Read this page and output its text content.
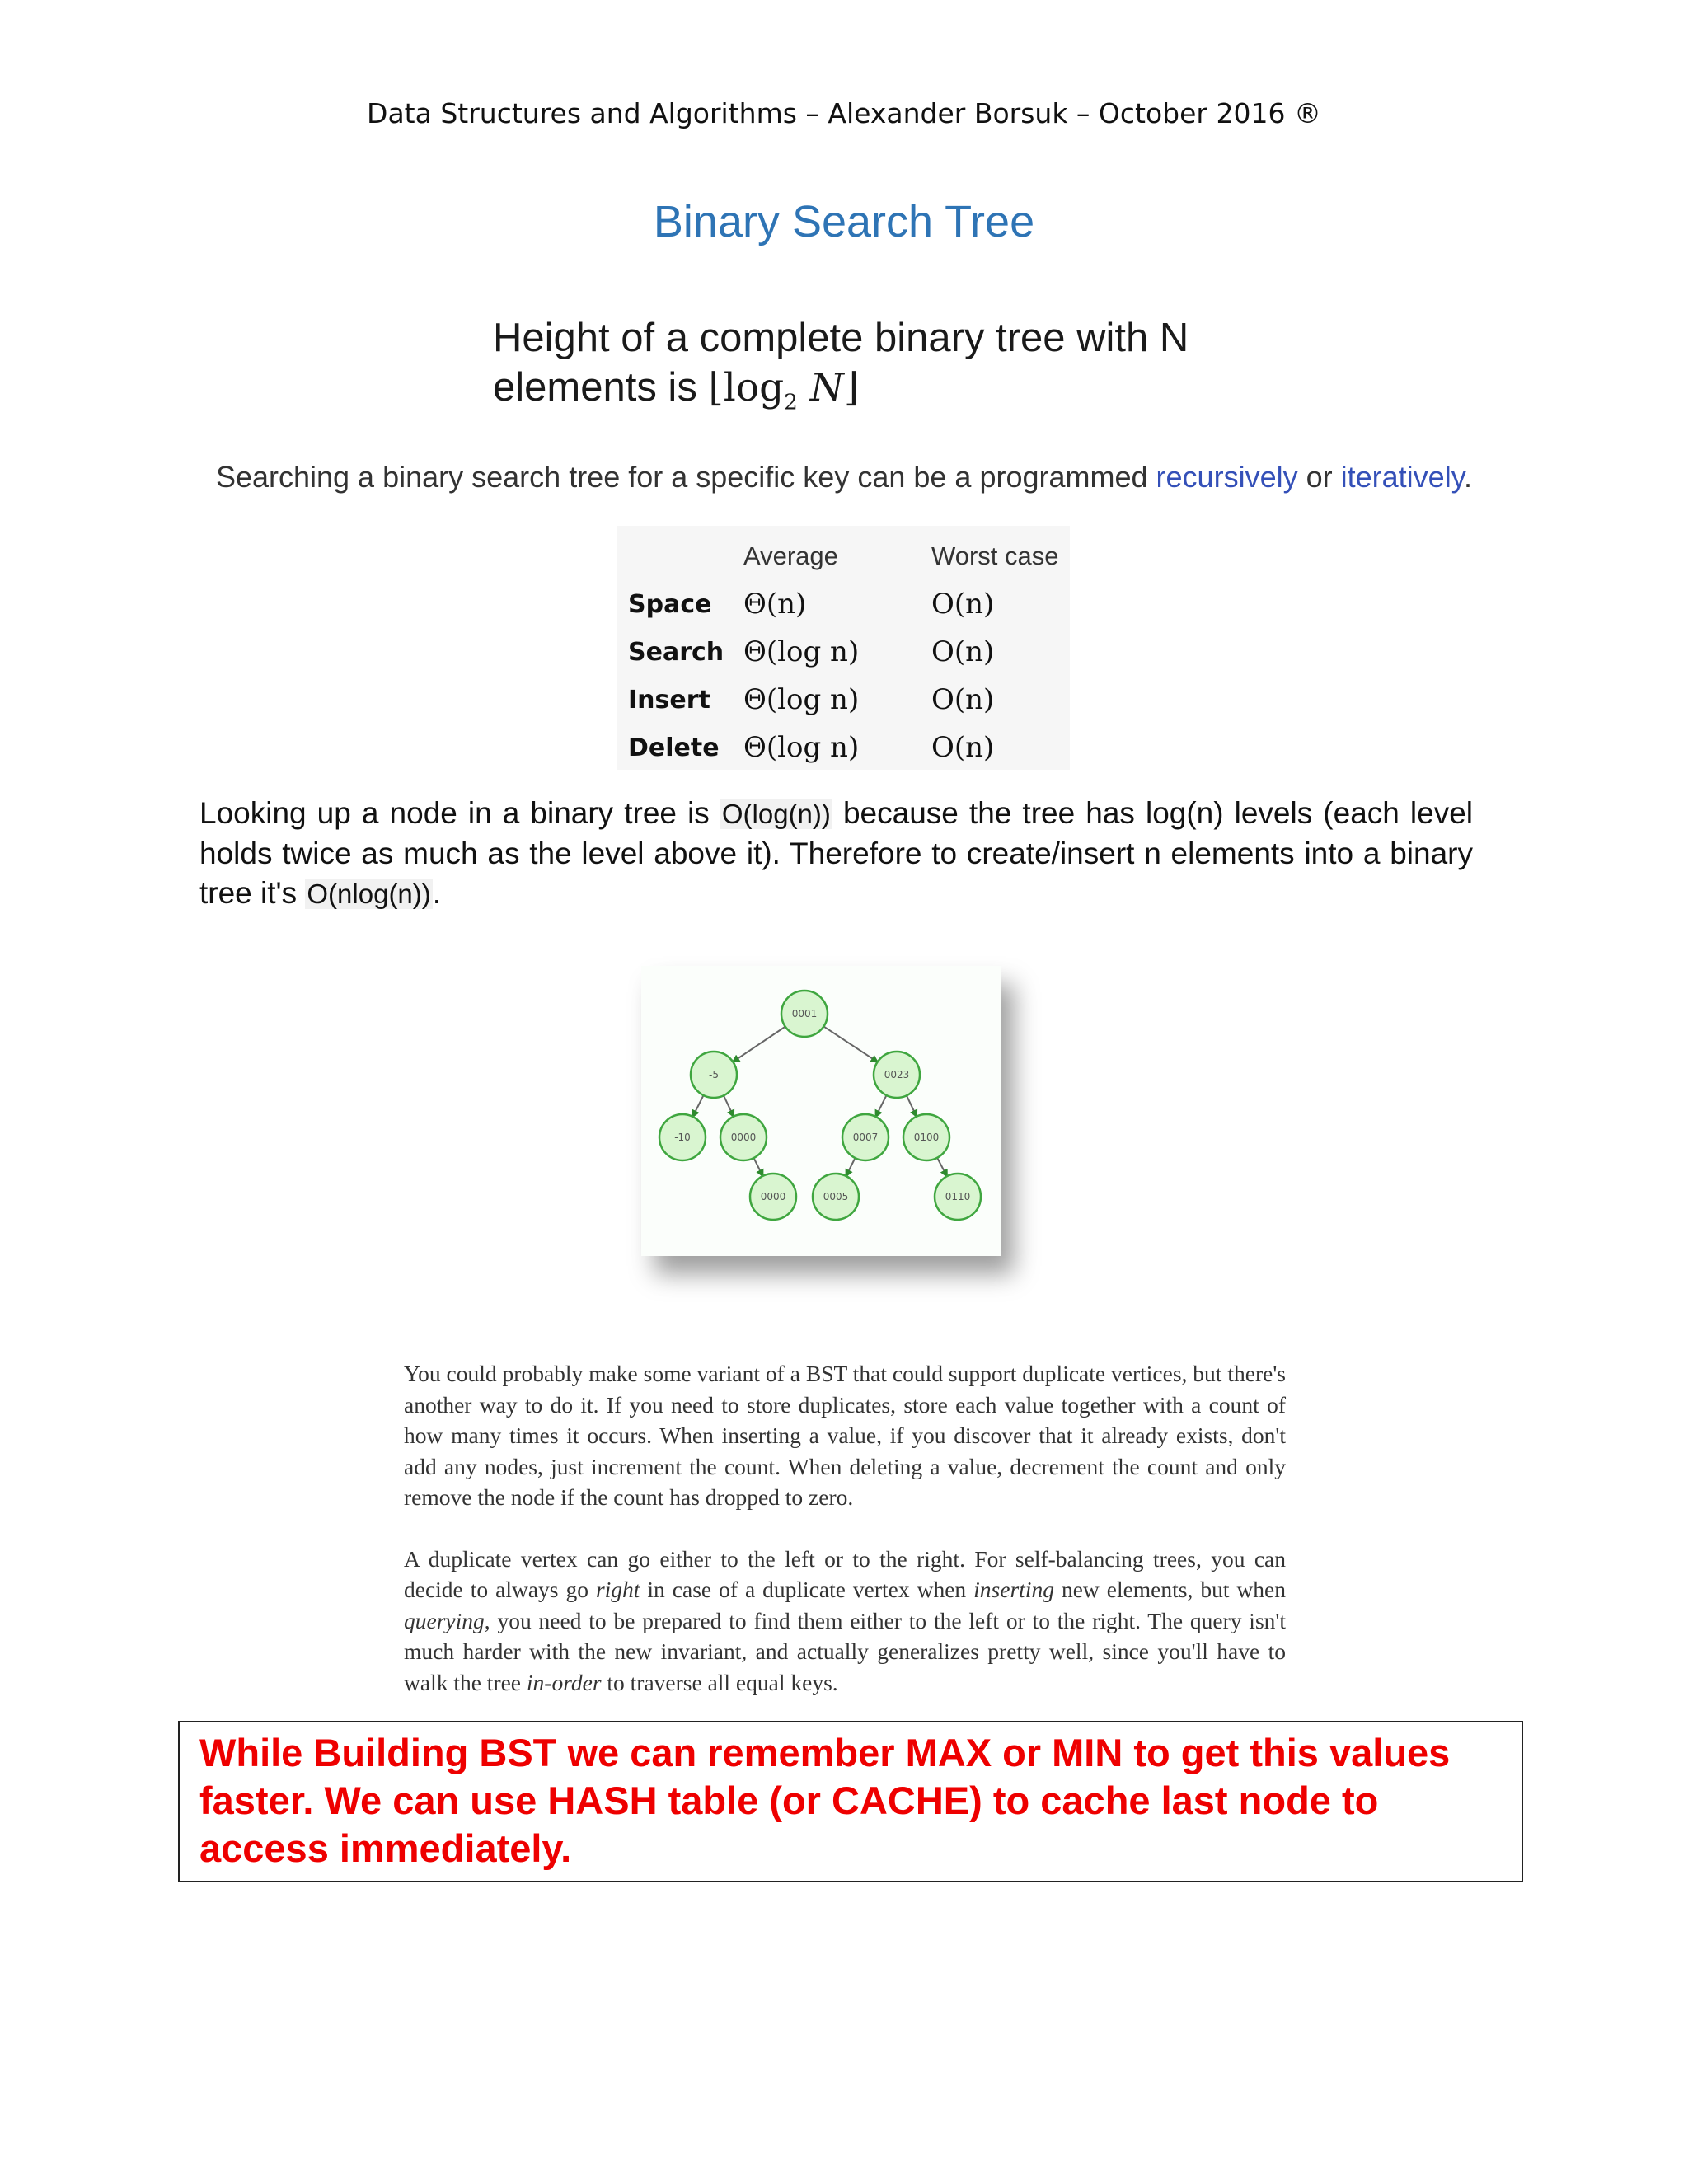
Data Structures and Algorithms – Alexander Borsuk – October 2016 ®
Binary Search Tree
Height of a complete binary tree with N
elements is $⌊\log_2$ N⌋
Searching a binary search tree for a specific key can be a programmed recursively or iteratively.
	Average	Worst case
Space	Θ(n)	O(n)
Search	Θ(log n)	O(n)
Insert	Θ(log n)	O(n)
Delete	Θ(log n)	O(n)
Looking up a node in a binary tree is O(log(n)) because the tree has log(n) levels (each level holds twice as much as the level above it). Therefore to create/insert n elements into a binary tree it's O(nlog(n)).
0001
-5	0023
-10	0000	0007	0100
0000	0005	0110

You could probably make some variant of a BST that could support duplicate vertices, but there's another way to do it. If you need to store duplicates, store each value together with a count of how many times it occurs. When inserting a value, if you discover that it already exists, don't add any nodes, just increment the count. When deleting a value, decrement the count and only remove the node if the count has dropped to zero.

A duplicate vertex can go either to the left or to the right. For self-balancing trees, you can decide to always go right in case of a duplicate vertex when inserting new elements, but when querying, you need to be prepared to find them either to the left or to the right. The query isn't much harder with the new invariant, and actually generalizes pretty well, since you'll have to walk the tree in-order to traverse all equal keys.

While Building BST we can remember MAX or MIN to get this values faster. We can use HASH table (or CACHE) to cache last node to access immediately.
